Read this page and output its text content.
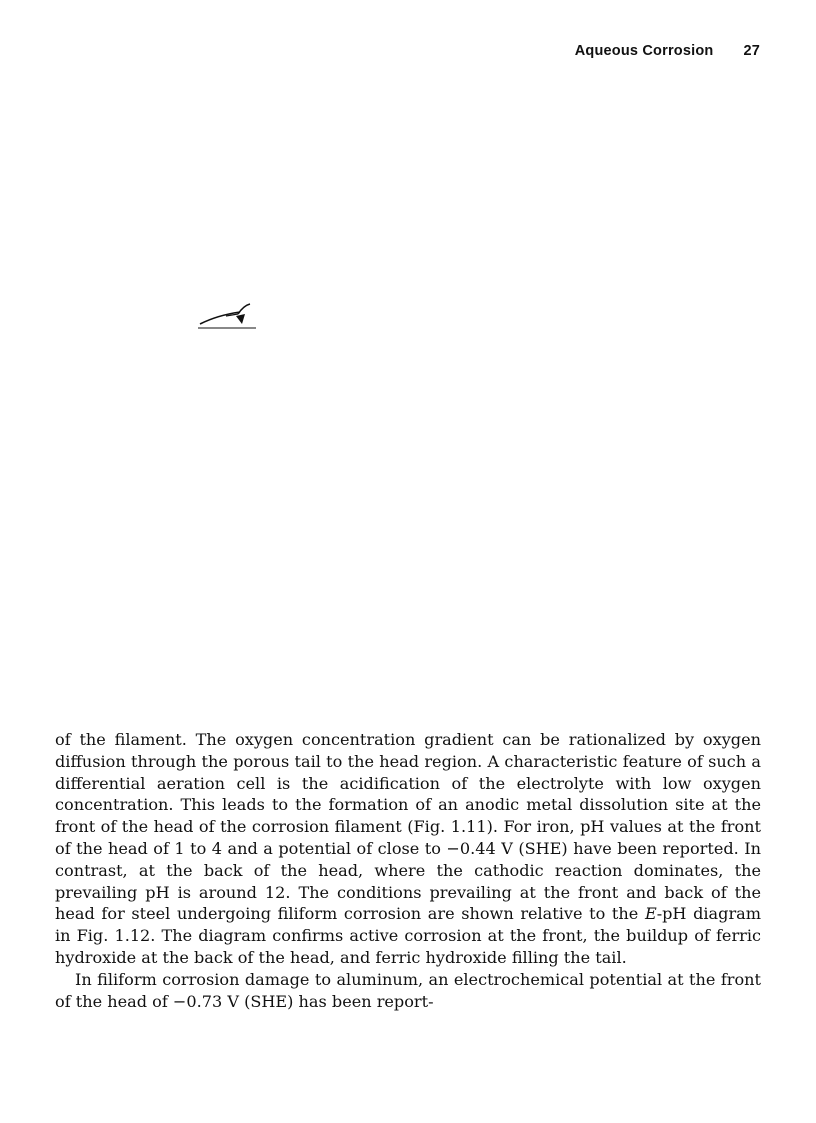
Aqueous Corrosion 27

of the filament. The oxygen concentration gradient can be rationalized by oxygen diffusion through the porous tail to the head region. A characteristic feature of such a differential aeration cell is the acidification of the electrolyte with low oxygen concentration. This leads to the formation of an anodic metal dissolution site at the front of the head of the corrosion filament (Fig. 1.11). For iron, pH values at the front of the head of 1 to 4 and a potential of close to −0.44 V (SHE) have been reported. In contrast, at the back of the head, where the cathodic reaction dominates, the prevailing pH is around 12. The conditions prevailing at the front and back of the head for steel undergoing filiform corrosion are shown relative to the E-pH diagram in Fig. 1.12. The diagram confirms active corrosion at the front, the buildup of ferric hydroxide at the back of the head, and ferric hydroxide filling the tail.

In filiform corrosion damage to aluminum, an electrochemical potential at the front of the head of −0.73 V (SHE) has been report-
